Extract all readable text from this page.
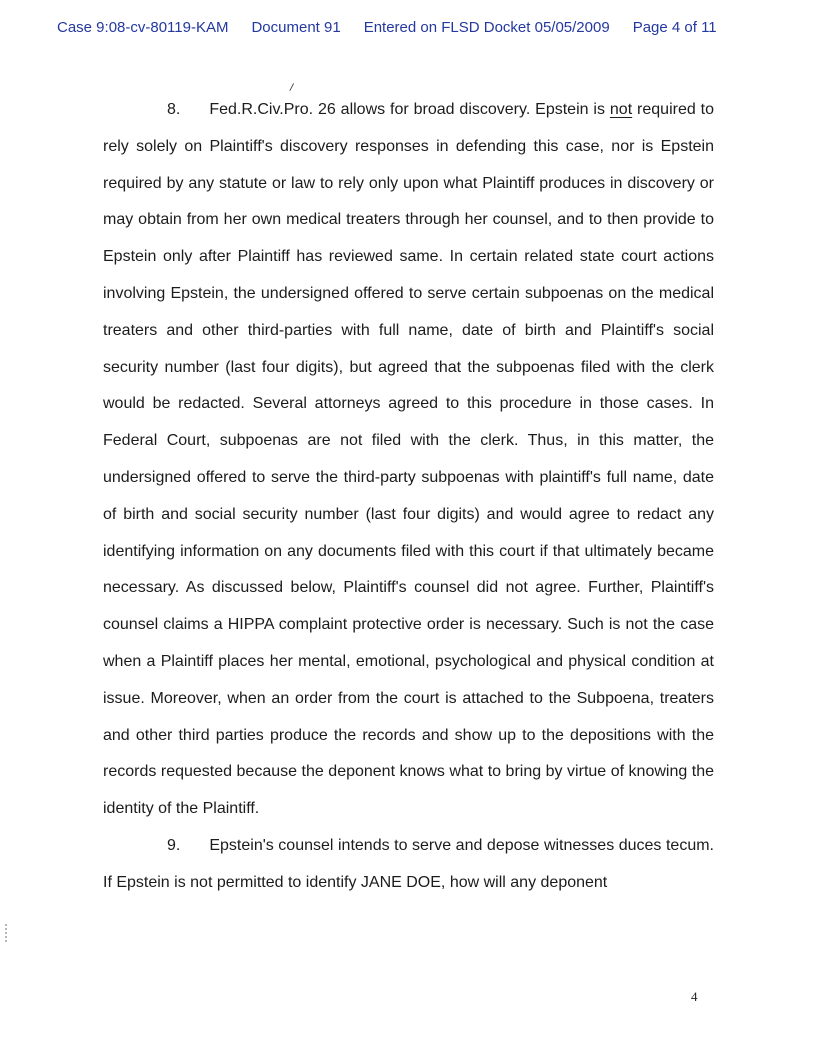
Case 9:08-cv-80119-KAM Document 91 Entered on FLSD Docket 05/05/2009 Page 4 of 11
/

8. Fed.R.Civ.Pro. 26 allows for broad discovery. Epstein is not required to rely solely on Plaintiff's discovery responses in defending this case, nor is Epstein required by any statute or law to rely only upon what Plaintiff produces in discovery or may obtain from her own medical treaters through her counsel, and to then provide to Epstein only after Plaintiff has reviewed same. In certain related state court actions involving Epstein, the undersigned offered to serve certain subpoenas on the medical treaters and other third-parties with full name, date of birth and Plaintiff's social security number (last four digits), but agreed that the subpoenas filed with the clerk would be redacted. Several attorneys agreed to this procedure in those cases. In Federal Court, subpoenas are not filed with the clerk. Thus, in this matter, the undersigned offered to serve the third-party subpoenas with plaintiff's full name, date of birth and social security number (last four digits) and would agree to redact any identifying information on any documents filed with this court if that ultimately became necessary. As discussed below, Plaintiff's counsel did not agree. Further, Plaintiff's counsel claims a HIPPA complaint protective order is necessary. Such is not the case when a Plaintiff places her mental, emotional, psychological and physical condition at issue. Moreover, when an order from the court is attached to the Subpoena, treaters and other third parties produce the records and show up to the depositions with the records requested because the deponent knows what to bring by virtue of knowing the identity of the Plaintiff.

9. Epstein's counsel intends to serve and depose witnesses duces tecum. If Epstein is not permitted to identify JANE DOE, how will any deponent

4
